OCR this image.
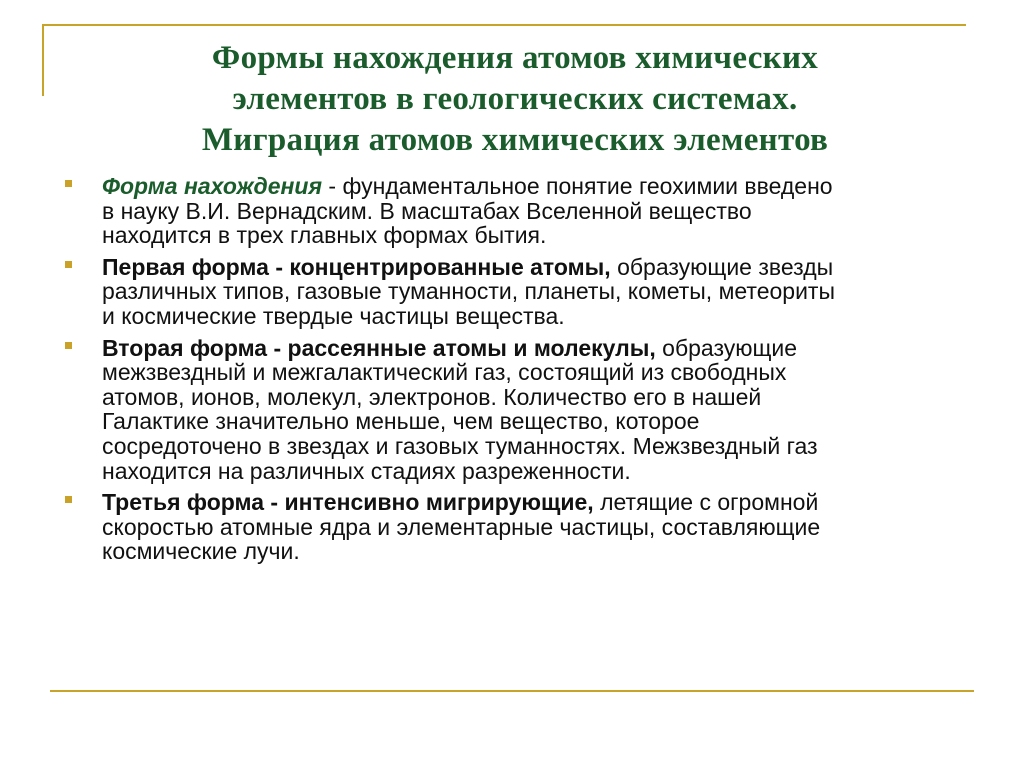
Формы нахождения атомов химических
элементов в геологических системах.
Миграция атомов химических элементов
Форма нахождения - фундаментальное понятие геохимии введено
в науку В.И. Вернадским. В масштабах Вселенной вещество
находится в трех главных формах бытия.
Первая форма - концентрированные атомы, образующие звезды
различных типов, газовые туманности, планеты, кометы, метеориты
и космические твердые частицы вещества.
Вторая форма - рассеянные атомы и молекулы, образующие
межзвездный и межгалактический газ, состоящий из свободных
атомов, ионов, молекул, электронов. Количество его в нашей
Галактике значительно меньше, чем вещество, которое
сосредоточено в звездах и газовых туманностях. Межзвездный газ
находится на различных стадиях разреженности.
Третья форма - интенсивно мигрирующие, летящие с огромной
скоростью атомные ядра и элементарные частицы, составляющие
космические лучи.
